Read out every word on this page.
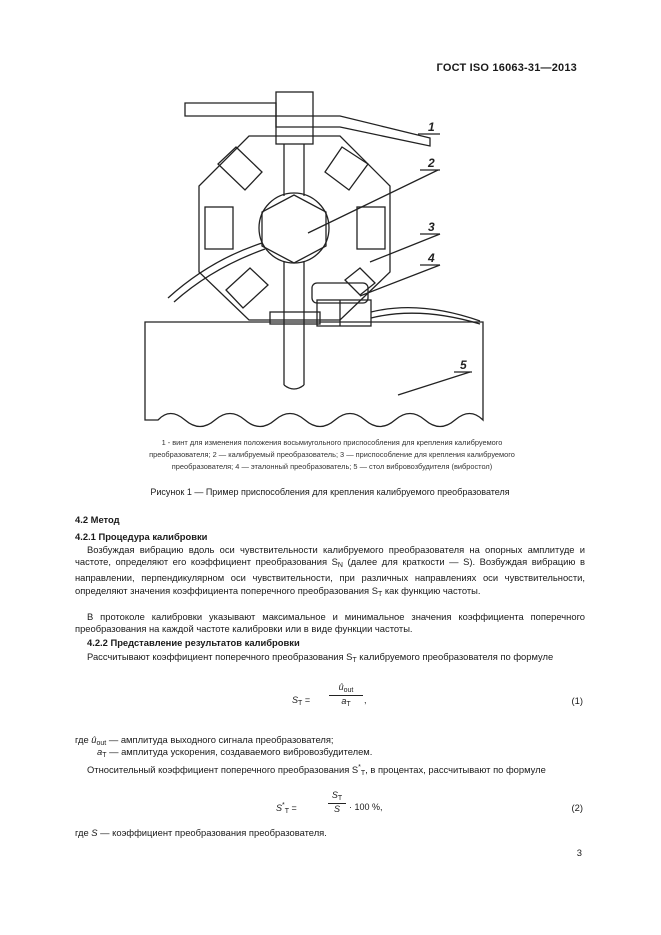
ГОСТ ISO 16063-31—2013
1
2
3
4
5
1 - винт для изменения положения восьмиугольного приспособления для крепления калибруемого
преобразователя; 2 — калибруемый преобразователь; 3 — приспособление для крепления калибруемого
преобразователя; 4 — эталонный преобразователь; 5 — стол вибровозбудителя (вибростол)
Рисунок 1 — Пример приспособления для крепления калибруемого преобразователя
4.2 Метод
4.2.1 Процедура калибровки
Возбуждая вибрацию вдоль оси чувствительности калибруемого преобразователя на опорных амплитуде и частоте, определяют его коэффициент преобразования $S_N$ (далее для краткости — S). Возбуждая вибрацию в направлении, перпендикулярном оси чувствительности, при различных направлениях оси чувствительности, определяют значения коэффициента поперечного преобразования $S_T$ как функцию частоты.
В протоколе калибровки указывают максимальное и минимальное значения коэффициента поперечного преобразования на каждой частоте калибровки или в виде функции частоты.
4.2.2 Представление результатов калибровки
Рассчитывают коэффициент поперечного преобразования $S_T$ калибруемого преобразователя по формуле
$S_T$ =
$û_{out}$
$a_T$	,	(1)
где $û_{out}$ — амплитуда выходного сигнала преобразователя;
$a_T$ — амплитуда ускорения, создаваемого вибровозбудителем.
Относительный коэффициент поперечного преобразования $S^*_T$, в процентах, рассчитывают по формуле
$S^*_T$ =
$S_T$
S	· 100 %,	(2)
где S — коэффициент преобразования преобразователя.
3
